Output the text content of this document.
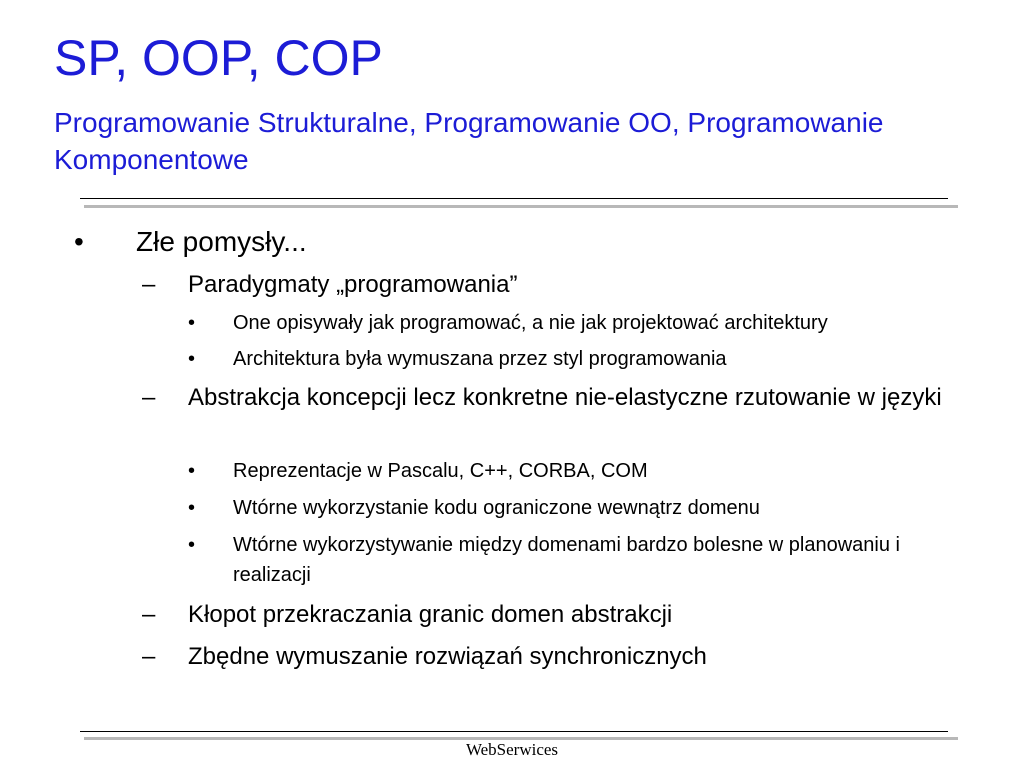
SP, OOP, COP
Programowanie Strukturalne, Programowanie OO, Programowanie Komponentowe
• Złe pomysły...
– Paradygmaty „programowania”
• One opisywały jak programować, a nie jak projektować architektury
• Architektura była wymuszana przez styl programowania
– Abstrakcja koncepcji lecz konkretne nie-elastyczne rzutowanie w języki
• Reprezentacje w Pascalu, C++, CORBA, COM
• Wtórne wykorzystanie kodu ograniczone wewnątrz domenu
• Wtórne wykorzystywanie między domenami bardzo bolesne w planowaniu i realizacji
– Kłopot przekraczania granic domen abstrakcji
– Zbędne wymuszanie rozwiązań synchronicznych
WebSerwices
